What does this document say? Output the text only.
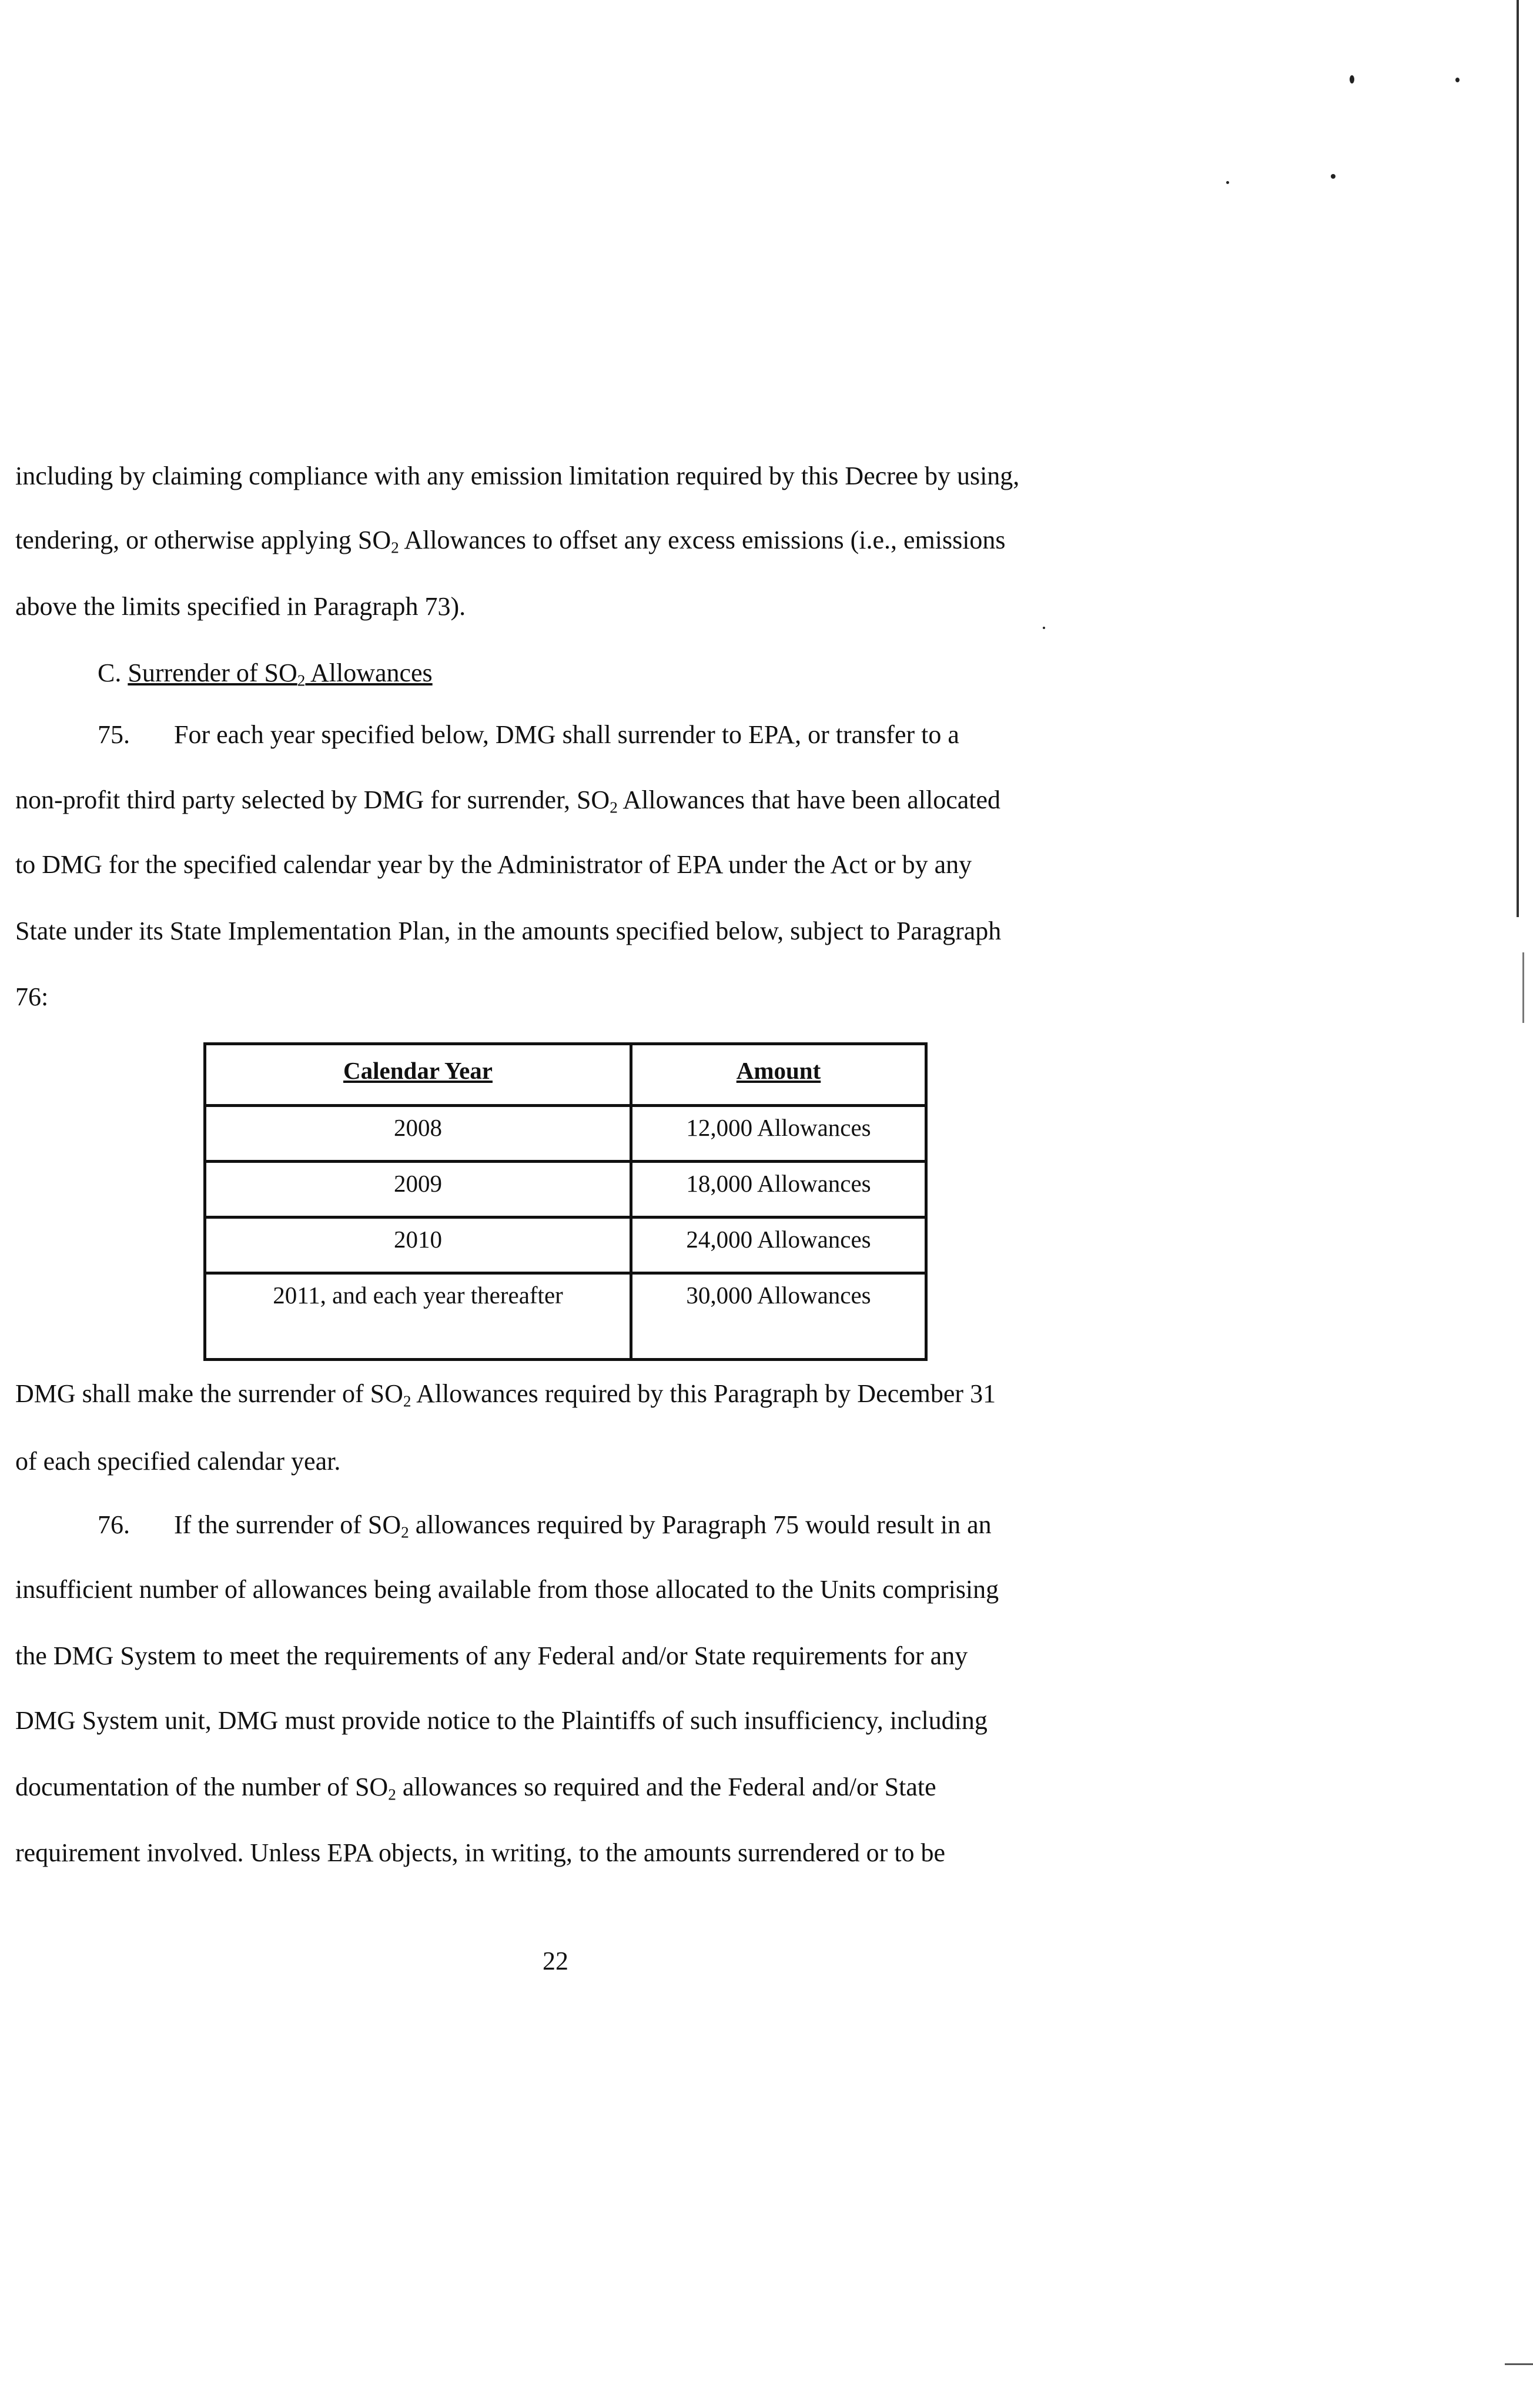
including by claiming compliance with any emission limitation required by this Decree by using,

tendering, or otherwise applying $SO_2$ Allowances to offset any excess emissions (i.e., emissions

above the limits specified in Paragraph 73).

C. Surrender of $SO_2$ Allowances

75. For each year specified below, DMG shall surrender to EPA, or transfer to a

non-profit third party selected by DMG for surrender, $SO_2$ Allowances that have been allocated

to DMG for the specified calendar year by the Administrator of EPA under the Act or by any

State under its State Implementation Plan, in the amounts specified below, subject to Paragraph

76:

Calendar Year	Amount
2008	12,000 Allowances
2009	18,000 Allowances
2010	24,000 Allowances
2011, and each year thereafter	30,000 Allowances

DMG shall make the surrender of $SO_2$ Allowances required by this Paragraph by December 31

of each specified calendar year.

76. If the surrender of $SO_2$ allowances required by Paragraph 75 would result in an

insufficient number of allowances being available from those allocated to the Units comprising

the DMG System to meet the requirements of any Federal and/or State requirements for any

DMG System unit, DMG must provide notice to the Plaintiffs of such insufficiency, including

documentation of the number of $SO_2$ allowances so required and the Federal and/or State

requirement involved. Unless EPA objects, in writing, to the amounts surrendered or to be

22
